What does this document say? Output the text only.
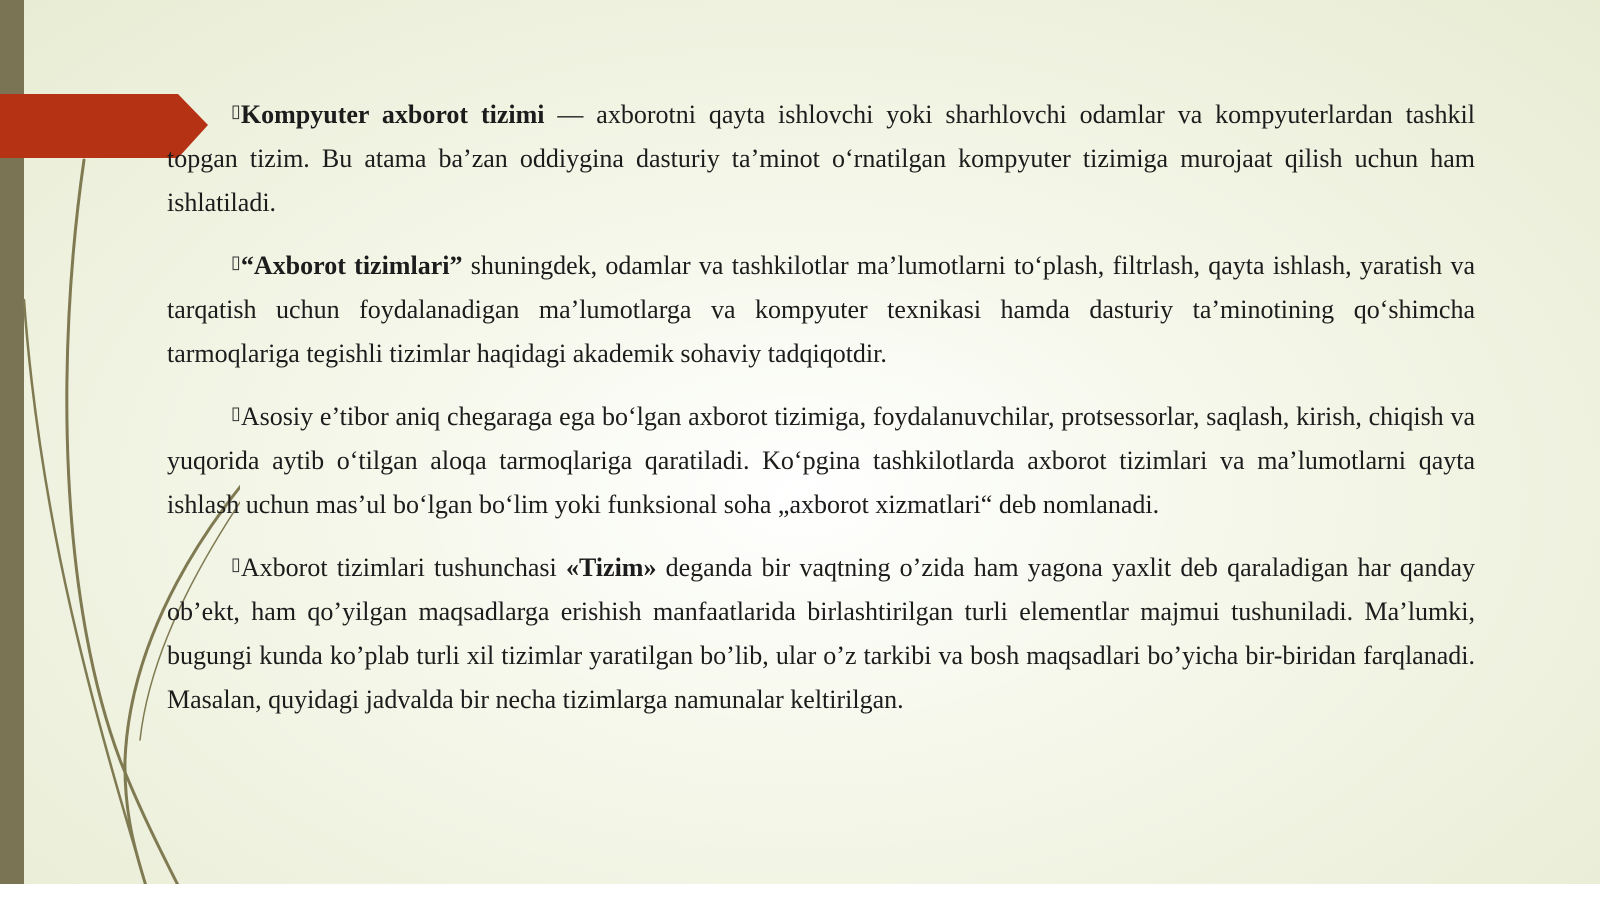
▯Kompyuter axborot tizimi — axborotni qayta ishlovchi yoki sharhlovchi odamlar va kompyuterlardan tashkil topgan tizim. Bu atama ba’zan oddiygina dasturiy ta’minot o‘rnatilgan kompyuter tizimiga murojaat qilish uchun ham ishlatiladi.

▯“Axborot tizimlari” shuningdek, odamlar va tashkilotlar ma’lumotlarni to‘plash, filtrlash, qayta ishlash, yaratish va tarqatish uchun foydalanadigan ma’lumotlarga va kompyuter texnikasi hamda dasturiy ta’minotining qo‘shimcha tarmoqlariga tegishli tizimlar haqidagi akademik sohaviy tadqiqotdir.

▯Asosiy e’tibor aniq chegaraga ega bo‘lgan axborot tizimiga, foydalanuvchilar, protsessorlar, saqlash, kirish, chiqish va yuqorida aytib o‘tilgan aloqa tarmoqlariga qaratiladi. Ko‘pgina tashkilotlarda axborot tizimlari va ma’lumotlarni qayta ishlash uchun mas’ul bo‘lgan bo‘lim yoki funksional soha „axborot xizmatlari“ deb nomlanadi.

▯Axborot tizimlari tushunchasi «Tizim» deganda bir vaqtning o’zida ham yagona yaxlit deb qaraladigan har qanday ob’ekt, ham qo’yilgan maqsadlarga erishish manfaatlarida birlashtirilgan turli elementlar majmui tushuniladi. Ma’lumki, bugungi kunda ko’plab turli xil tizimlar yaratilgan bo’lib, ular o’z tarkibi va bosh maqsadlari bo’yicha bir-biridan farqlanadi. Masalan, quyidagi jadvalda bir necha tizimlarga namunalar keltirilgan.
